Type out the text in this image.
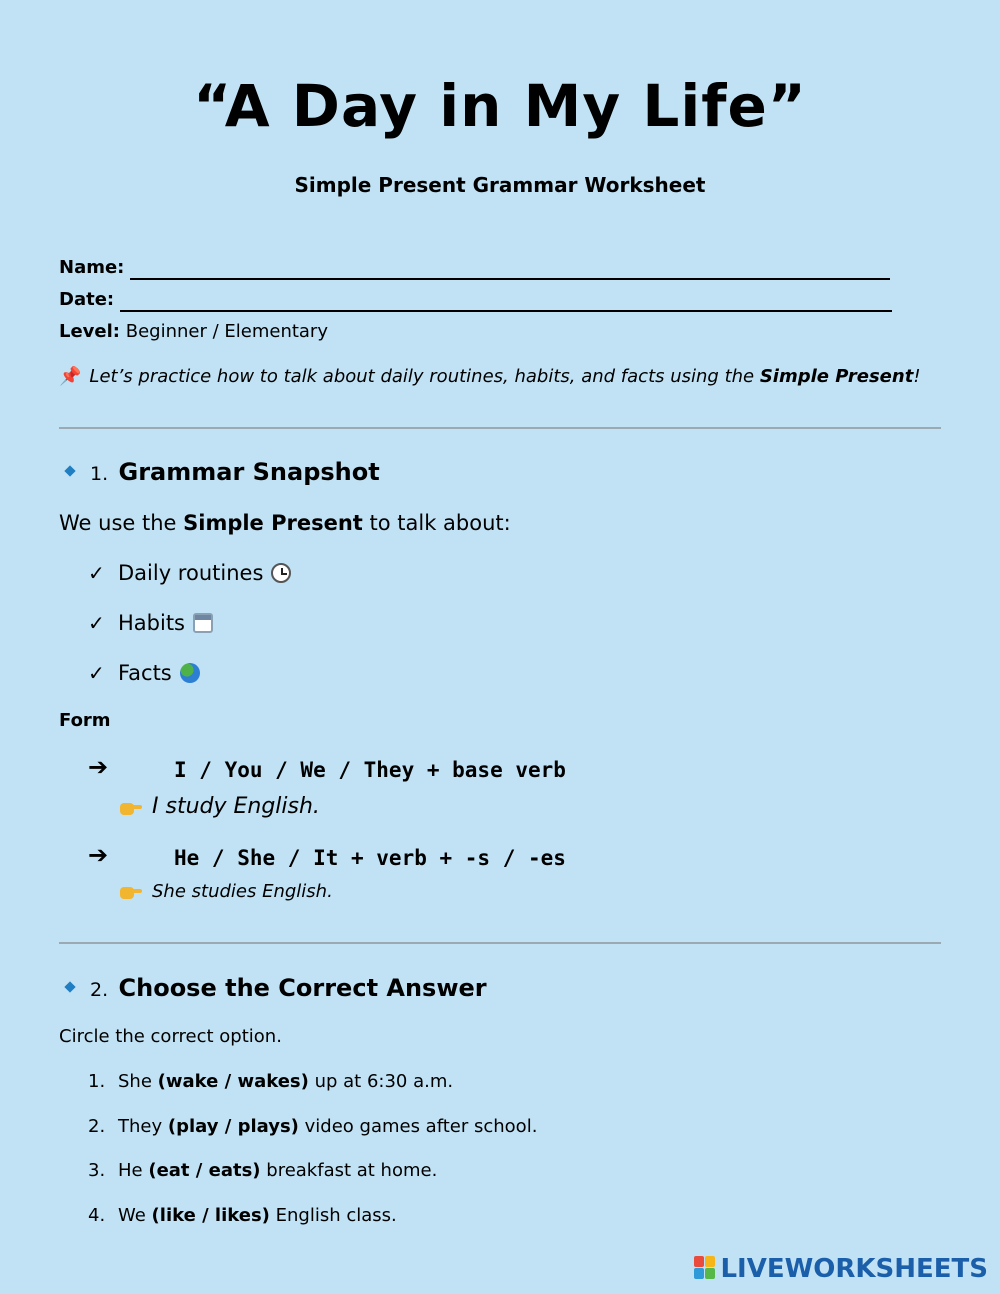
“A Day in My Life”
Simple Present Grammar Worksheet
Name:
Date:
Level: Beginner / Elementary
📌 Let’s practice how to talk about daily routines, habits, and facts using the Simple Present!
1. Grammar Snapshot
We use the Simple Present to talk about:
✓ Daily routines
✓ Habits
✓ Facts
Form
➔	I / You / We / They + base verb
I study English.
➔	He / She / It + verb + -s / -es
She studies English.
2. Choose the Correct Answer
Circle the correct option.
1. She (wake / wakes) up at 6:30 a.m.
2. They (play / plays) video games after school.
3. He (eat / eats) breakfast at home.
4. We (like / likes) English class.
LIVEWORKSHEETS
